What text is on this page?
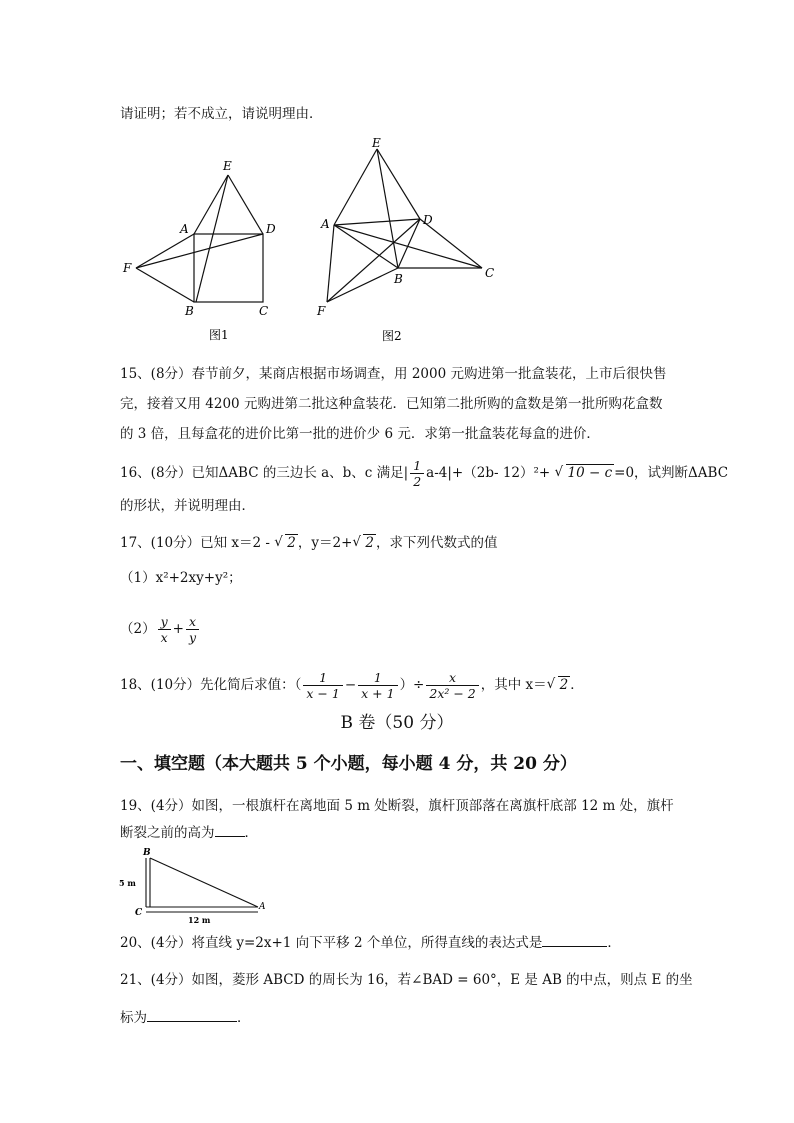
请证明；若不成立，请说明理由．
E
A	D
F
B	C
图1
E
A	D
C
B
F
图2
15、(8分）春节前夕，某商店根据市场调查，用 2000 元购进第一批盒装花，上市后很快售
完，接着又用 4200 元购进第二批这种盒装花．已知第二批所购的盒数是第一批所购花盒数
的 3 倍，且每盒花的进价比第一批的进价少 6 元．求第一批盒装花每盒的进价．
16、(8分）已知ΔABC 的三边长 a、b、c 满足| $\frac{1}{2} a-4|+(2b-$ 12）²+ √ 10 − c =0，试判断ΔABC
的形状，并说明理由．
17、(10分）已知 x＝2 - √ 2 ，y＝2+ √ 2 ，求下列代数式的值
（1）x²+2xy+y²；
$(2) \frac{y}{x} + \frac{x}{y}$
18、(10分）先化简后求值：（ $\frac{1}{x - 1} - \frac{1}{x + 1}$ ）÷ $\frac{x}{\text{2x² − 2}}$ ，其中 x＝ √ 2 ．
B 卷（50 分）
一、填空题（本大题共 5 个小题，每小题 4 分，共 20 分）
19、(4分）如图，一根旗杆在离地面 5 m 处断裂，旗杆顶部落在离旗杆底部 12 m 处，旗杆
断裂之前的高为 ．
B
C
A
5 m
12 m
20、(4分）将直线 y=2x+1 向下平移 2 个单位，所得直线的表达式是	．
21、(4分）如图，菱形 ABCD 的周长为 16，若∠BAD = 60°，E 是 AB 的中点，则点 E 的坐
标为	．
